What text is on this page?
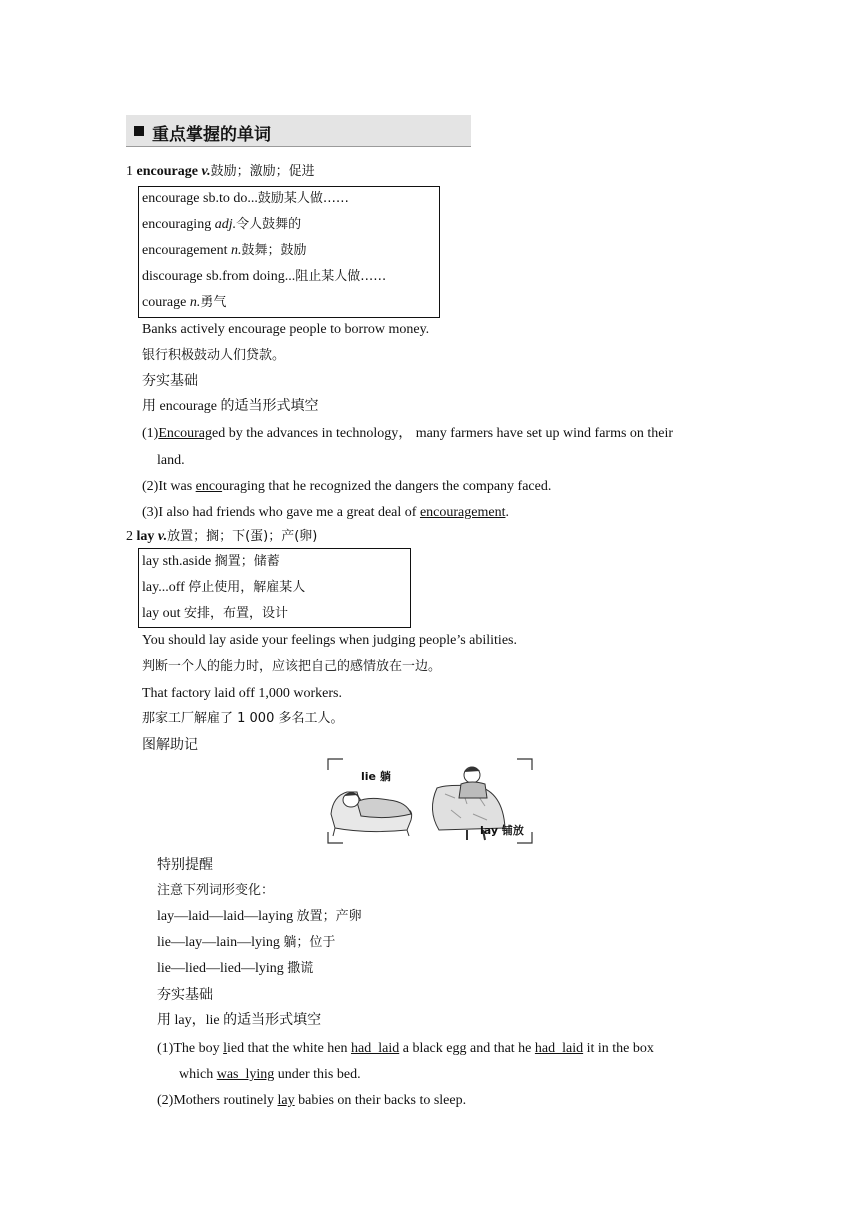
重点掌握的单词
1 encourage v.鼓励；激励；促进
encourage sb.to do...鼓励某人做……
encouraging adj.令人鼓舞的
encouragement n.鼓舞；鼓励
discourage sb.from doing...阻止某人做……
courage n.勇气
Banks actively encourage people to borrow money.
银行积极鼓动人们贷款。
夯实基础
用 encourage 的适当形式填空
(1)Encouraged by the advances in technology， many farmers have set up wind farms on their
land.
(2)It was encouraging that he recognized the dangers the company faced.
(3)I also had friends who gave me a great deal of encouragement.
2 lay v.放置；搁；下(蛋)；产(卵)
lay sth.aside 搁置；储蓄
lay...off 停止使用，解雇某人
lay out 安排，布置，设计
You should lay aside your feelings when judging people’s abilities.
判断一个人的能力时，应该把自己的感情放在一边。
That factory laid off 1,000 workers.
那家工厂解雇了 1 000 多名工人。
图解助记
lie 躺
lay 铺放
特别提醒
注意下列词形变化：
lay—laid—laid—laying 放置；产卵
lie—lay—lain—lying 躺；位于
lie—lied—lied—lying 撒谎
夯实基础
用 lay，lie 的适当形式填空
(1)The boy lied that the white hen had  laid a black egg and that he had  laid it in the box
which was  lying under this bed.
(2)Mothers routinely lay babies on their backs to sleep.
